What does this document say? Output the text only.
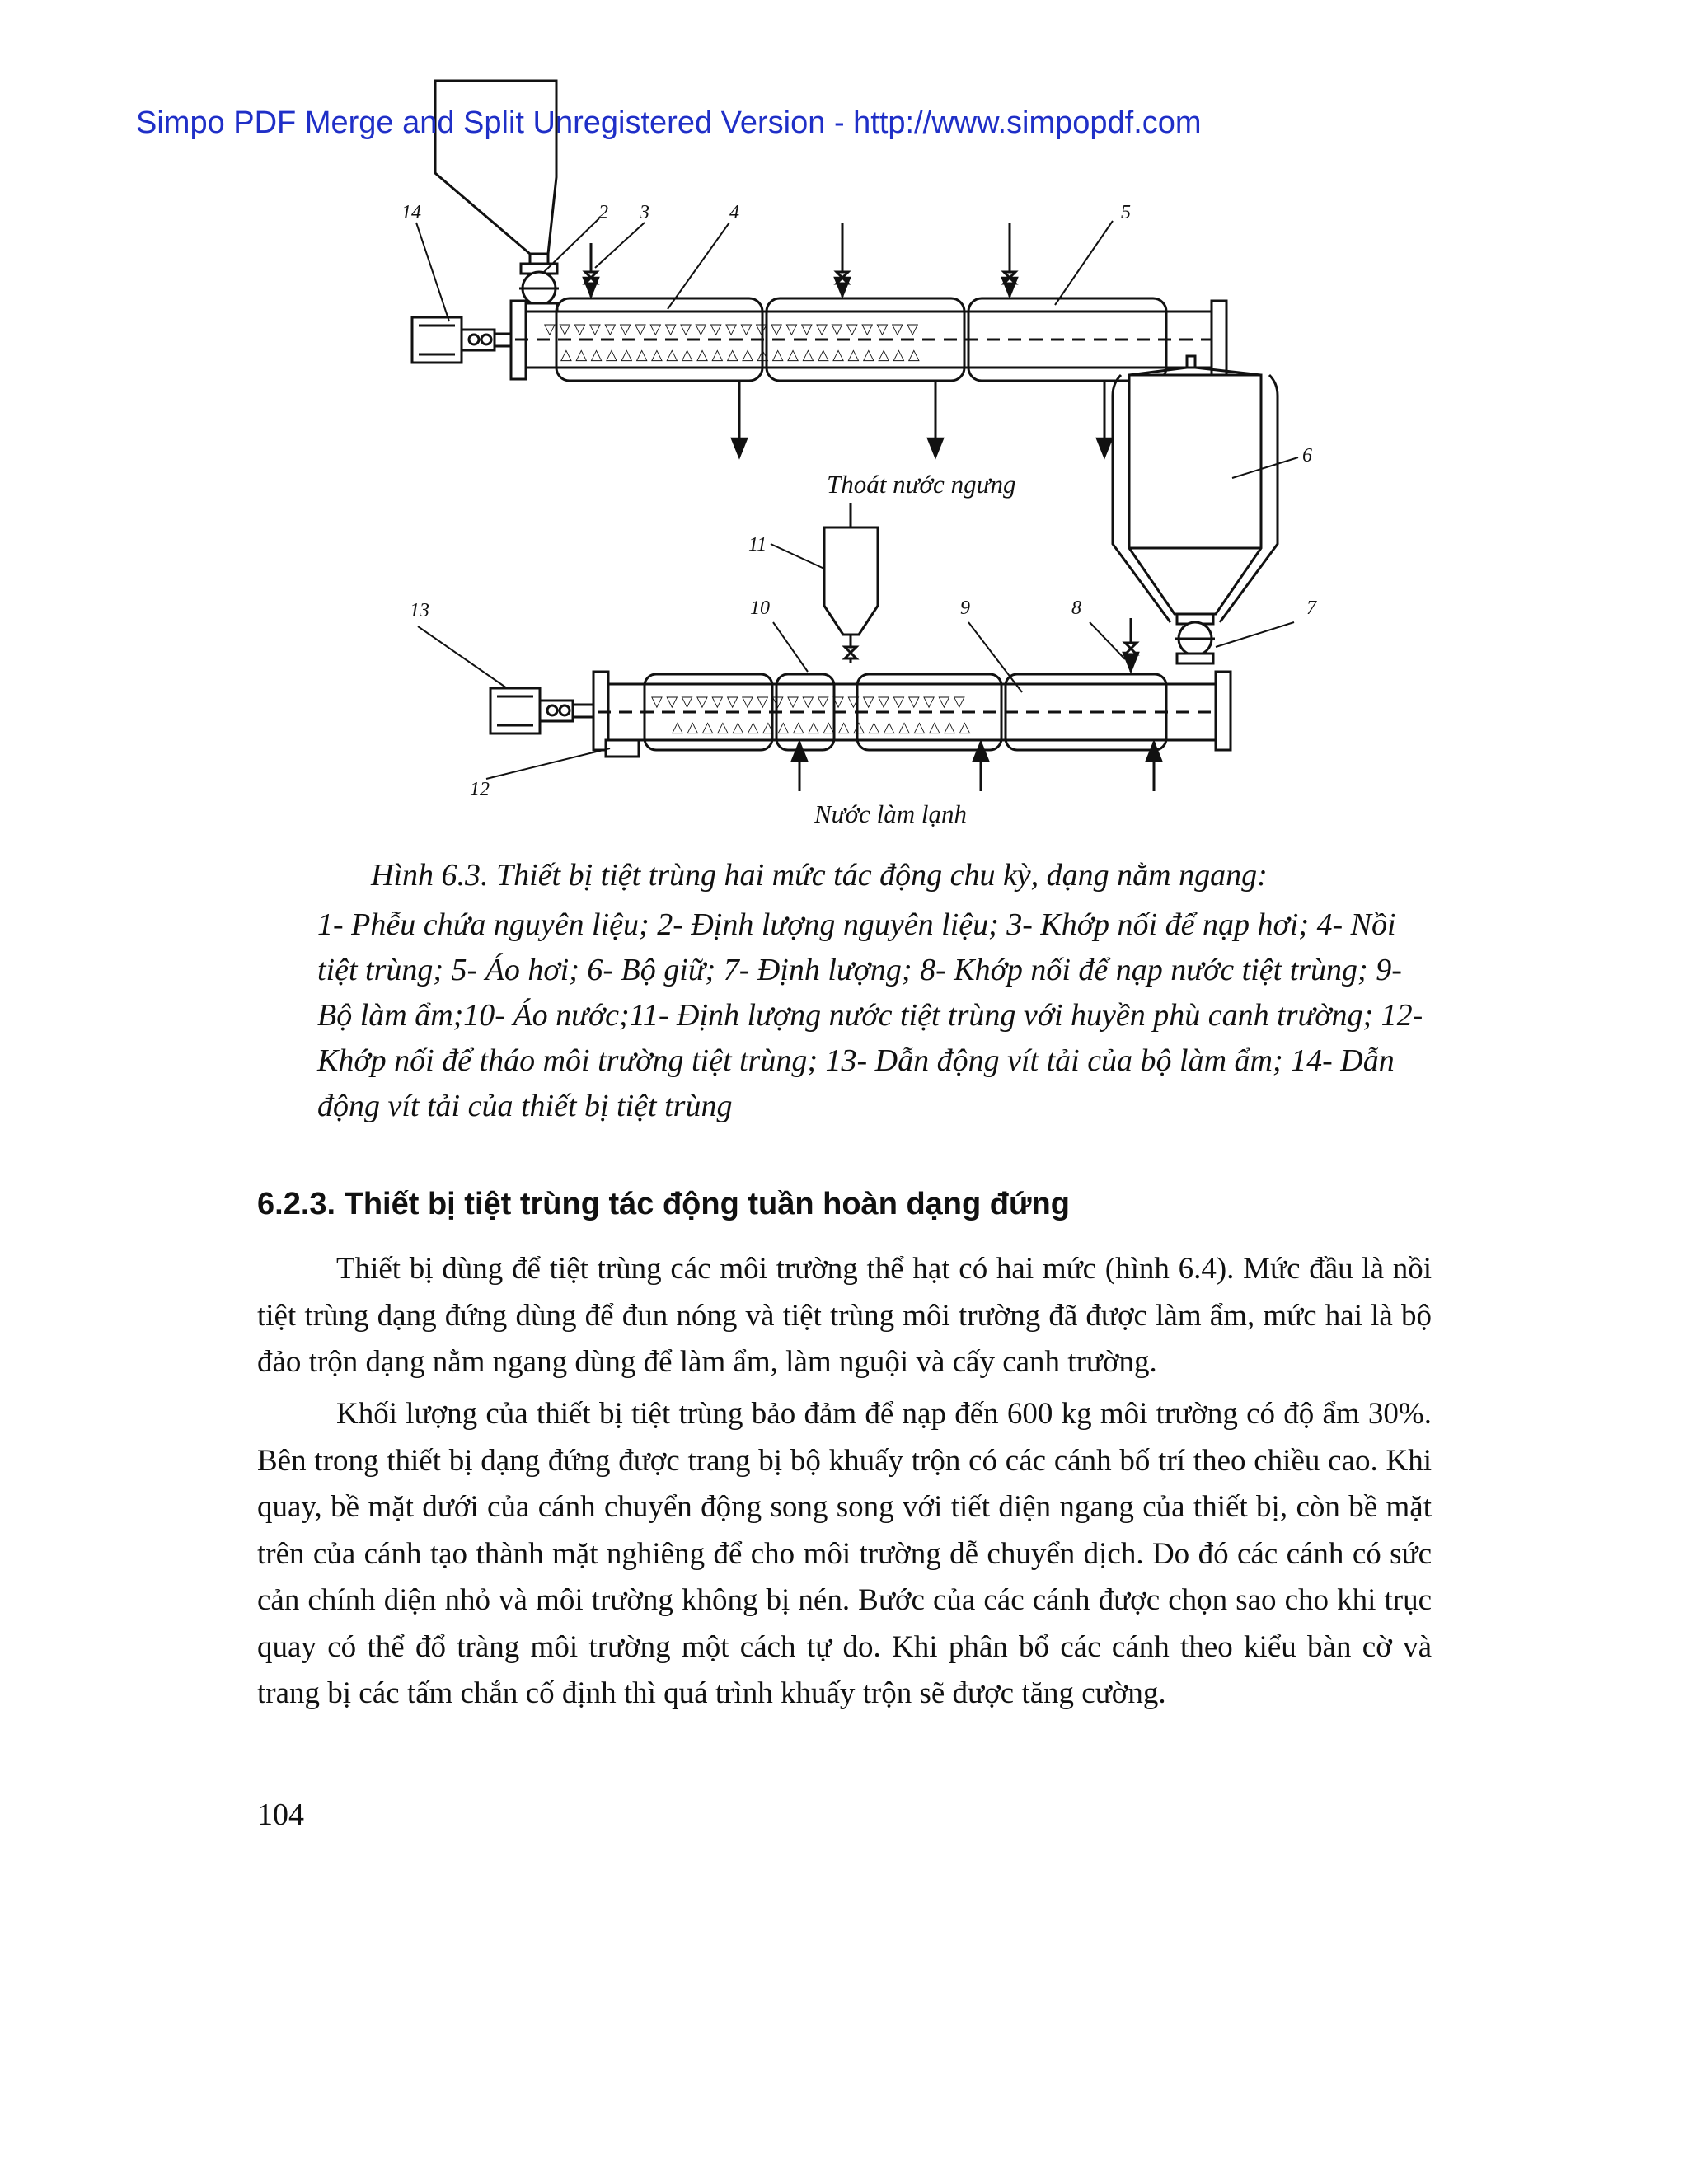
Simpo PDF Merge and Split Unregistered Version - http://www.simpopdf.com
▽ ▽ ▽ ▽ ▽ ▽ ▽ ▽ ▽ ▽ ▽ ▽ ▽ ▽ ▽ ▽ ▽ ▽ ▽ ▽ ▽ ▽ ▽ ▽ ▽
△ △ △ △ △ △ △ △ △ △ △ △ △ △ △ △ △ △ △ △ △ △ △ △
▽ ▽ ▽ ▽ ▽ ▽ ▽ ▽ ▽ ▽ ▽ ▽ ▽ ▽ ▽ ▽ ▽ ▽ ▽ ▽ ▽
△ △ △ △ △ △ △ △ △ △ △ △ △ △ △ △ △ △ △ △
14	2 3	4	5
6
11
13	10	9	8	7
12
Thoát nước ngưng
Nước làm lạnh
Hình 6.3. Thiết bị tiệt trùng hai mức tác động chu kỳ, dạng nằm ngang:
1- Phễu chứa nguyên liệu; 2- Định lượng nguyên liệu; 3- Khớp nối để nạp hơi; 4- Nồi tiệt trùng; 5- Áo hơi; 6- Bộ giữ; 7- Định lượng; 8- Khớp nối để nạp nước tiệt trùng; 9- Bộ làm ẩm;10- Áo nước;11- Định lượng nước tiệt trùng với huyền phù canh trường; 12- Khớp nối để tháo môi trường tiệt trùng; 13- Dẫn động vít tải của bộ làm ẩm; 14- Dẫn động vít tải của thiết bị tiệt trùng
6.2.3. Thiết bị tiệt trùng tác động tuần hoàn dạng đứng

Thiết bị dùng để tiệt trùng các môi trường thể hạt có hai mức (hình 6.4). Mức đầu là nồi tiệt trùng dạng đứng dùng để đun nóng và tiệt trùng môi trường đã được làm ẩm, mức hai là bộ đảo trộn dạng nằm ngang dùng để làm ẩm, làm nguội và cấy canh trường.

Khối lượng của thiết bị tiệt trùng bảo đảm để nạp đến 600 kg môi trường có độ ẩm 30%. Bên trong thiết bị dạng đứng được trang bị bộ khuấy trộn có các cánh bố trí theo chiều cao. Khi quay, bề mặt dưới của cánh chuyển động song song với tiết diện ngang của thiết bị, còn bề mặt trên của cánh tạo thành mặt nghiêng để cho môi trường dễ chuyển dịch. Do đó các cánh có sức cản chính diện nhỏ và môi trường không bị nén. Bước của các cánh được chọn sao cho khi trục quay có thể đổ tràng môi trường một cách tự do. Khi phân bổ các cánh theo kiểu bàn cờ và trang bị các tấm chắn cố định thì quá trình khuấy trộn sẽ được tăng cường.

104
